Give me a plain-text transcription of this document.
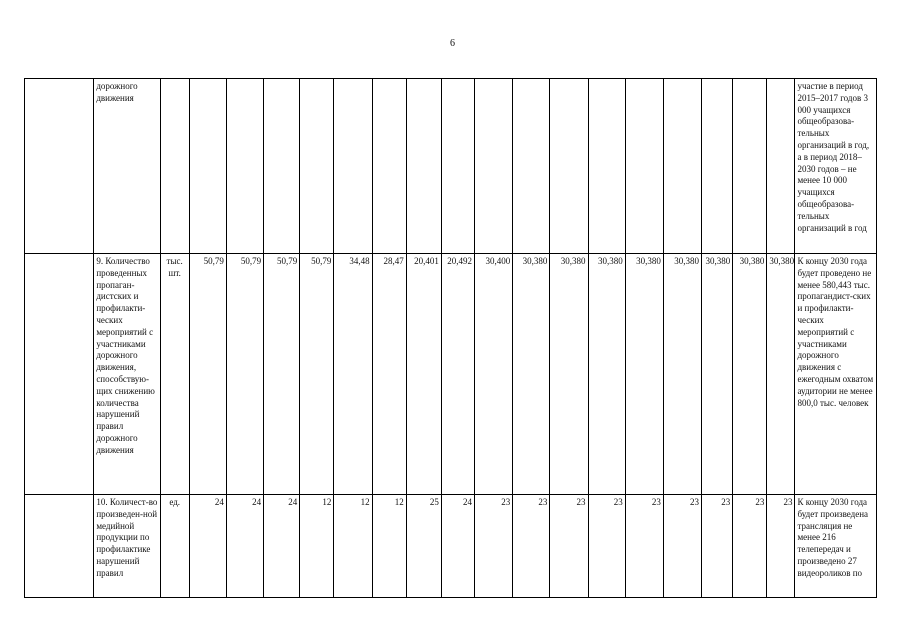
6
	дорожного
движения																			участие в период 2015–2017 годов 3 000 учащихся общеобразова-тельных организаций в год, а в период 2018–2030 годов – не менее 10 000 учащихся общеобразова-тельных организаций в год
	9. Количество проведенных пропаган-дистских и профилакти-ческих мероприятий с участниками дорожного движения, способствую-щих снижению количества нарушений правил дорожного движения	тыс. шт.	50,79	50,79	50,79	50,79	34,48	28,47	20,401	20,492	30,400	30,380	30,380	30,380	30,380	30,380	30,380	30,380	30,380	К концу 2030 года будет проведено не менее 580,443 тыс. пропагандист-ских и профилакти-ческих мероприятий с участниками дорожного движения с ежегодным охватом аудитории не менее 800,0 тыс. человек
	10. Количест-во произведен-ной медийной продукции по профилактике нарушений правил	ед.	24	24	24	12	12	12	25	24	23	23	23	23	23	23	23	23	23	К концу 2030 года будет произведена трансляция не менее 216 телепередач и произведено 27 видеороликов по
